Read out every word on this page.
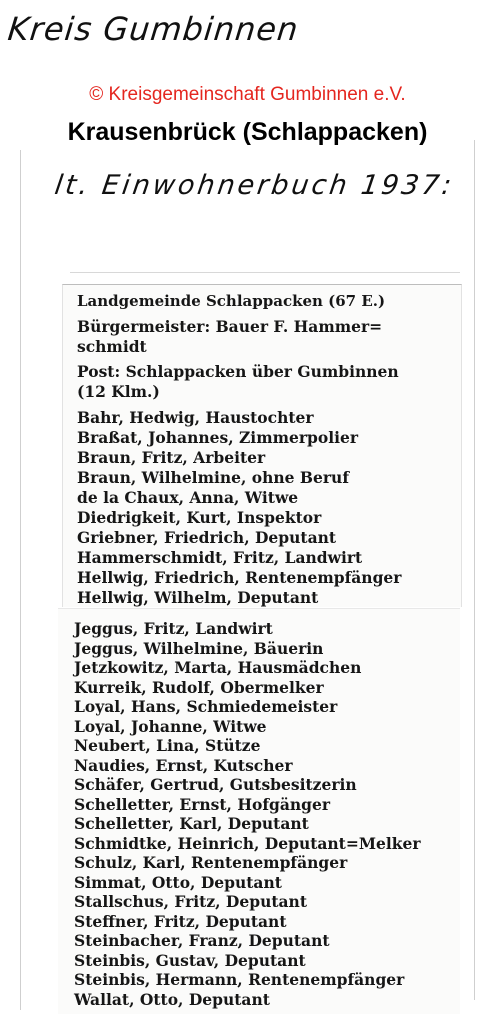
Kreis Gumbinnen
© Kreisgemeinschaft Gumbinnen e.V.
Krausenbrück (Schlappacken)
lt. Einwohnerbuch 1937:
Landgemeinde Schlappacken (67 E.)
Bürgermeister: Bauer F. Hammer=
schmidt
Post: Schlappacken über Gumbinnen
(12 Klm.)
Bahr, Hedwig, Haustochter
Braßat, Johannes, Zimmerpolier
Braun, Fritz, Arbeiter
Braun, Wilhelmine, ohne Beruf
de la Chaux, Anna, Witwe
Diedrigkeit, Kurt, Inspektor
Griebner, Friedrich, Deputant
Hammerschmidt, Fritz, Landwirt
Hellwig, Friedrich, Rentenempfänger
Hellwig, Wilhelm, Deputant
Jeggus, Fritz, Landwirt
Jeggus, Wilhelmine, Bäuerin
Jetzkowitz, Marta, Hausmädchen
Kurreik, Rudolf, Obermelker
Loyal, Hans, Schmiedemeister
Loyal, Johanne, Witwe
Neubert, Lina, Stütze
Naudies, Ernst, Kutscher
Schäfer, Gertrud, Gutsbesitzerin
Schelletter, Ernst, Hofgänger
Schelletter, Karl, Deputant
Schmidtke, Heinrich, Deputant=Melker
Schulz, Karl, Rentenempfänger
Simmat, Otto, Deputant
Stallschus, Fritz, Deputant
Steffner, Fritz, Deputant
Steinbacher, Franz, Deputant
Steinbis, Gustav, Deputant
Steinbis, Hermann, Rentenempfänger
Wallat, Otto, Deputant
